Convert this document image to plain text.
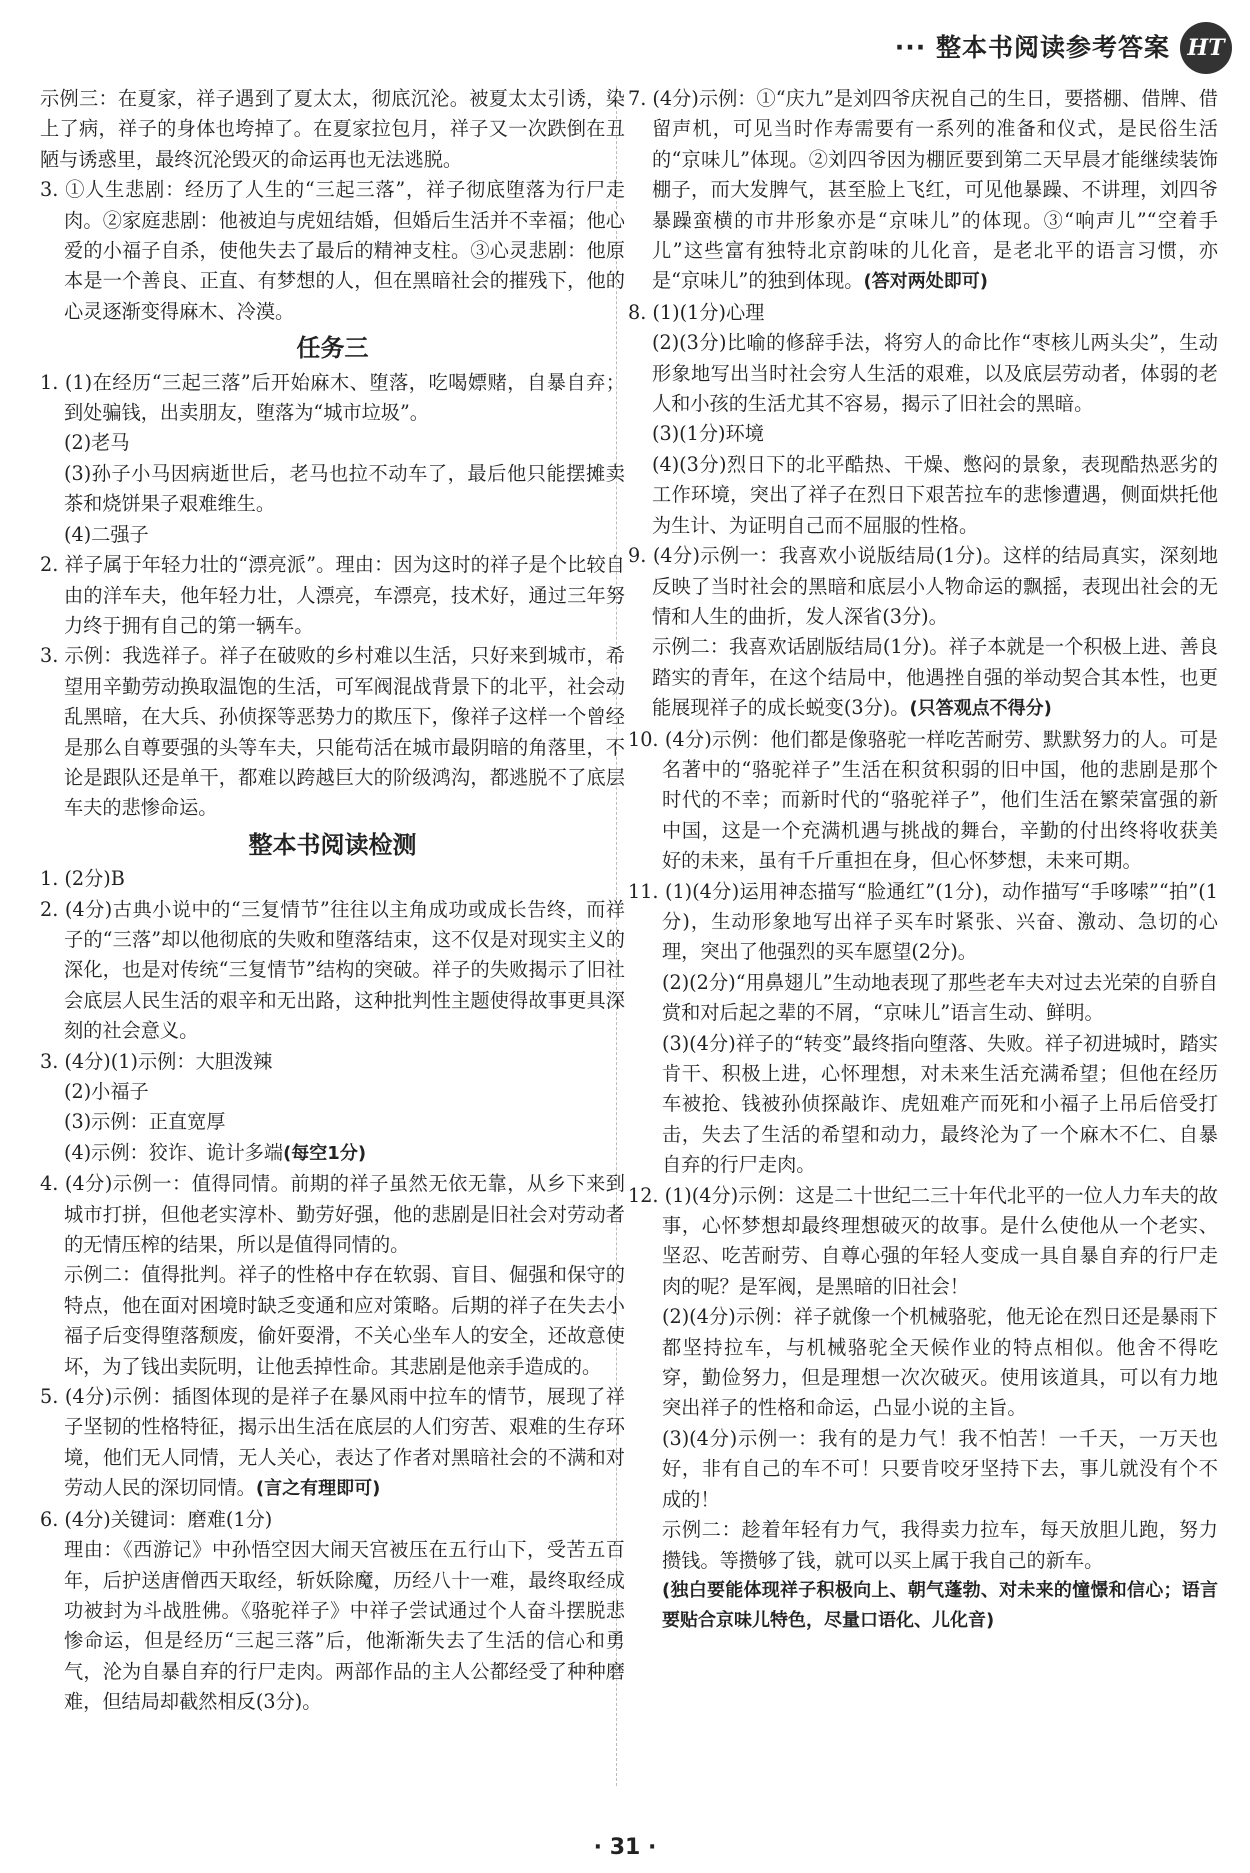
··· 整本书阅读参考答案 HT

示例三：在夏家，祥子遇到了夏太太，彻底沉沦。被夏太太引诱，染上了病，祥子的身体也垮掉了。在夏家拉包月，祥子又一次跌倒在丑陋与诱惑里，最终沉沦毁灭的命运再也无法逃脱。

3. ①人生悲剧：经历了人生的“三起三落”，祥子彻底堕落为行尸走肉。②家庭悲剧：他被迫与虎妞结婚，但婚后生活并不幸福；他心爱的小福子自杀，使他失去了最后的精神支柱。③心灵悲剧：他原本是一个善良、正直、有梦想的人，但在黑暗社会的摧残下，他的心灵逐渐变得麻木、冷漠。

任务三

1. (1)在经历“三起三落”后开始麻木、堕落，吃喝嫖赌，自暴自弃；到处骗钱，出卖朋友，堕落为“城市垃圾”。

(2)老马

(3)孙子小马因病逝世后，老马也拉不动车了，最后他只能摆摊卖茶和烧饼果子艰难维生。

(4)二强子

2. 祥子属于年轻力壮的“漂亮派”。理由：因为这时的祥子是个比较自由的洋车夫，他年轻力壮，人漂亮，车漂亮，技术好，通过三年努力终于拥有自己的第一辆车。

3. 示例：我选祥子。祥子在破败的乡村难以生活，只好来到城市，希望用辛勤劳动换取温饱的生活，可军阀混战背景下的北平，社会动乱黑暗，在大兵、孙侦探等恶势力的欺压下，像祥子这样一个曾经是那么自尊要强的头等车夫，只能苟活在城市最阴暗的角落里，不论是跟队还是单干，都难以跨越巨大的阶级鸿沟，都逃脱不了底层车夫的悲惨命运。

整本书阅读检测

1. (2分)B

2. (4分)古典小说中的“三复情节”往往以主角成功或成长告终，而祥子的“三落”却以他彻底的失败和堕落结束，这不仅是对现实主义的深化，也是对传统“三复情节”结构的突破。祥子的失败揭示了旧社会底层人民生活的艰辛和无出路，这种批判性主题使得故事更具深刻的社会意义。

3. (4分)(1)示例：大胆泼辣

(2)小福子

(3)示例：正直宽厚

(4)示例：狡诈、诡计多端(每空1分)

4. (4分)示例一：值得同情。前期的祥子虽然无依无靠，从乡下来到城市打拼，但他老实淳朴、勤劳好强，他的悲剧是旧社会对劳动者的无情压榨的结果，所以是值得同情的。

示例二：值得批判。祥子的性格中存在软弱、盲目、倔强和保守的特点，他在面对困境时缺乏变通和应对策略。后期的祥子在失去小福子后变得堕落颓废，偷奸耍滑，不关心坐车人的安全，还故意使坏，为了钱出卖阮明，让他丢掉性命。其悲剧是他亲手造成的。

5. (4分)示例：插图体现的是祥子在暴风雨中拉车的情节，展现了祥子坚韧的性格特征，揭示出生活在底层的人们穷苦、艰难的生存环境，他们无人同情，无人关心，表达了作者对黑暗社会的不满和对劳动人民的深切同情。(言之有理即可)

6. (4分)关键词：磨难(1分)

理由：《西游记》中孙悟空因大闹天宫被压在五行山下，受苦五百年，后护送唐僧西天取经，斩妖除魔，历经八十一难，最终取经成功被封为斗战胜佛。《骆驼祥子》中祥子尝试通过个人奋斗摆脱悲惨命运，但是经历“三起三落”后，他渐渐失去了生活的信心和勇气，沦为自暴自弃的行尸走肉。两部作品的主人公都经受了种种磨难，但结局却截然相反(3分)。

7. (4分)示例：①“庆九”是刘四爷庆祝自己的生日，要搭棚、借牌、借留声机，可见当时作寿需要有一系列的准备和仪式，是民俗生活的“京味儿”体现。②刘四爷因为棚匠要到第二天早晨才能继续装饰棚子，而大发脾气，甚至脸上飞红，可见他暴躁、不讲理，刘四爷暴躁蛮横的市井形象亦是“京味儿”的体现。③“响声儿”“空着手儿”这些富有独特北京韵味的儿化音，是老北平的语言习惯，亦是“京味儿”的独到体现。(答对两处即可)

8. (1)(1分)心理

(2)(3分)比喻的修辞手法，将穷人的命比作“枣核儿两头尖”，生动形象地写出当时社会穷人生活的艰难，以及底层劳动者，体弱的老人和小孩的生活尤其不容易，揭示了旧社会的黑暗。

(3)(1分)环境

(4)(3分)烈日下的北平酷热、干燥、憋闷的景象，表现酷热恶劣的工作环境，突出了祥子在烈日下艰苦拉车的悲惨遭遇，侧面烘托他为生计、为证明自己而不屈服的性格。

9. (4分)示例一：我喜欢小说版结局(1分)。这样的结局真实，深刻地反映了当时社会的黑暗和底层小人物命运的飘摇，表现出社会的无情和人生的曲折，发人深省(3分)。

示例二：我喜欢话剧版结局(1分)。祥子本就是一个积极上进、善良踏实的青年，在这个结局中，他遇挫自强的举动契合其本性，也更能展现祥子的成长蜕变(3分)。(只答观点不得分)

10. (4分)示例：他们都是像骆驼一样吃苦耐劳、默默努力的人。可是名著中的“骆驼祥子”生活在积贫积弱的旧中国，他的悲剧是那个时代的不幸；而新时代的“骆驼祥子”，他们生活在繁荣富强的新中国，这是一个充满机遇与挑战的舞台，辛勤的付出终将收获美好的未来，虽有千斤重担在身，但心怀梦想，未来可期。

11. (1)(4分)运用神态描写“脸通红”(1分)，动作描写“手哆嗦”“拍”(1分)，生动形象地写出祥子买车时紧张、兴奋、激动、急切的心理，突出了他强烈的买车愿望(2分)。

(2)(2分)“用鼻翅儿”生动地表现了那些老车夫对过去光荣的自骄自赏和对后起之辈的不屑，“京味儿”语言生动、鲜明。

(3)(4分)祥子的“转变”最终指向堕落、失败。祥子初进城时，踏实肯干、积极上进，心怀理想，对未来生活充满希望；但他在经历车被抢、钱被孙侦探敲诈、虎妞难产而死和小福子上吊后倍受打击，失去了生活的希望和动力，最终沦为了一个麻木不仁、自暴自弃的行尸走肉。

12. (1)(4分)示例：这是二十世纪二三十年代北平的一位人力车夫的故事，心怀梦想却最终理想破灭的故事。是什么使他从一个老实、坚忍、吃苦耐劳、自尊心强的年轻人变成一具自暴自弃的行尸走肉的呢？是军阀，是黑暗的旧社会！

(2)(4分)示例：祥子就像一个机械骆驼，他无论在烈日还是暴雨下都坚持拉车，与机械骆驼全天候作业的特点相似。他舍不得吃穿，勤俭努力，但是理想一次次破灭。使用该道具，可以有力地突出祥子的性格和命运，凸显小说的主旨。

(3)(4分)示例一：我有的是力气！我不怕苦！一千天，一万天也好，非有自己的车不可！只要肯咬牙坚持下去，事儿就没有个不成的！

示例二：趁着年轻有力气，我得卖力拉车，每天放胆儿跑，努力攒钱。等攒够了钱，就可以买上属于我自己的新车。

(独白要能体现祥子积极向上、朝气蓬勃、对未来的憧憬和信心；语言要贴合京味儿特色，尽量口语化、儿化音)

· 31 ·
